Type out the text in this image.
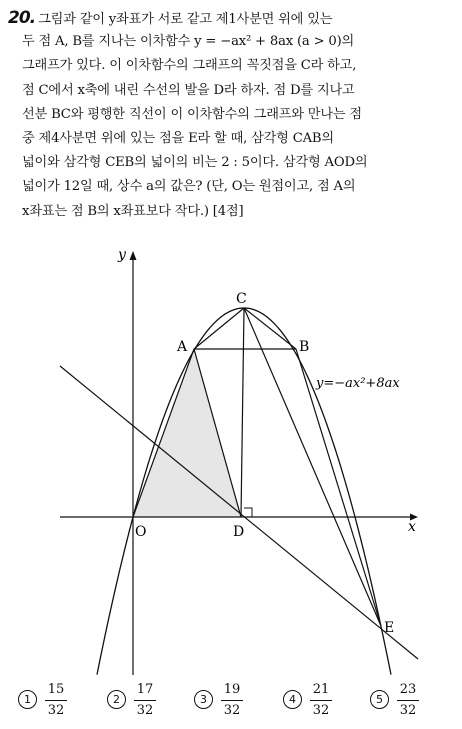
20. 그림과 같이 y좌표가 서로 같고 제1사분면 위에 있는
두 점 A, B를 지나는 이차함수 y = −ax² + 8ax (a > 0)의
그래프가 있다. 이 이차함수의 그래프의 꼭짓점을 C라 하고,
점 C에서 x축에 내린 수선의 발을 D라 하자. 점 D를 지나고
선분 BC와 평행한 직선이 이 이차함수의 그래프와 만나는 점
중 제4사분면 위에 있는 점을 E라 할 때, 삼각형 CAB의
넓이와 삼각형 CEB의 넓이의 비는 2 : 5이다. 삼각형 AOD의
넓이가 12일 때, 상수 a의 값은? (단, O는 원점이고, 점 A의
x좌표는 점 B의 x좌표보다 작다.) [4점]
y
x
O	D
A	B
C
E
y=−ax²+8ax
1
15
32
2
17
32
3
19
32
4
21
32
5
23
32
